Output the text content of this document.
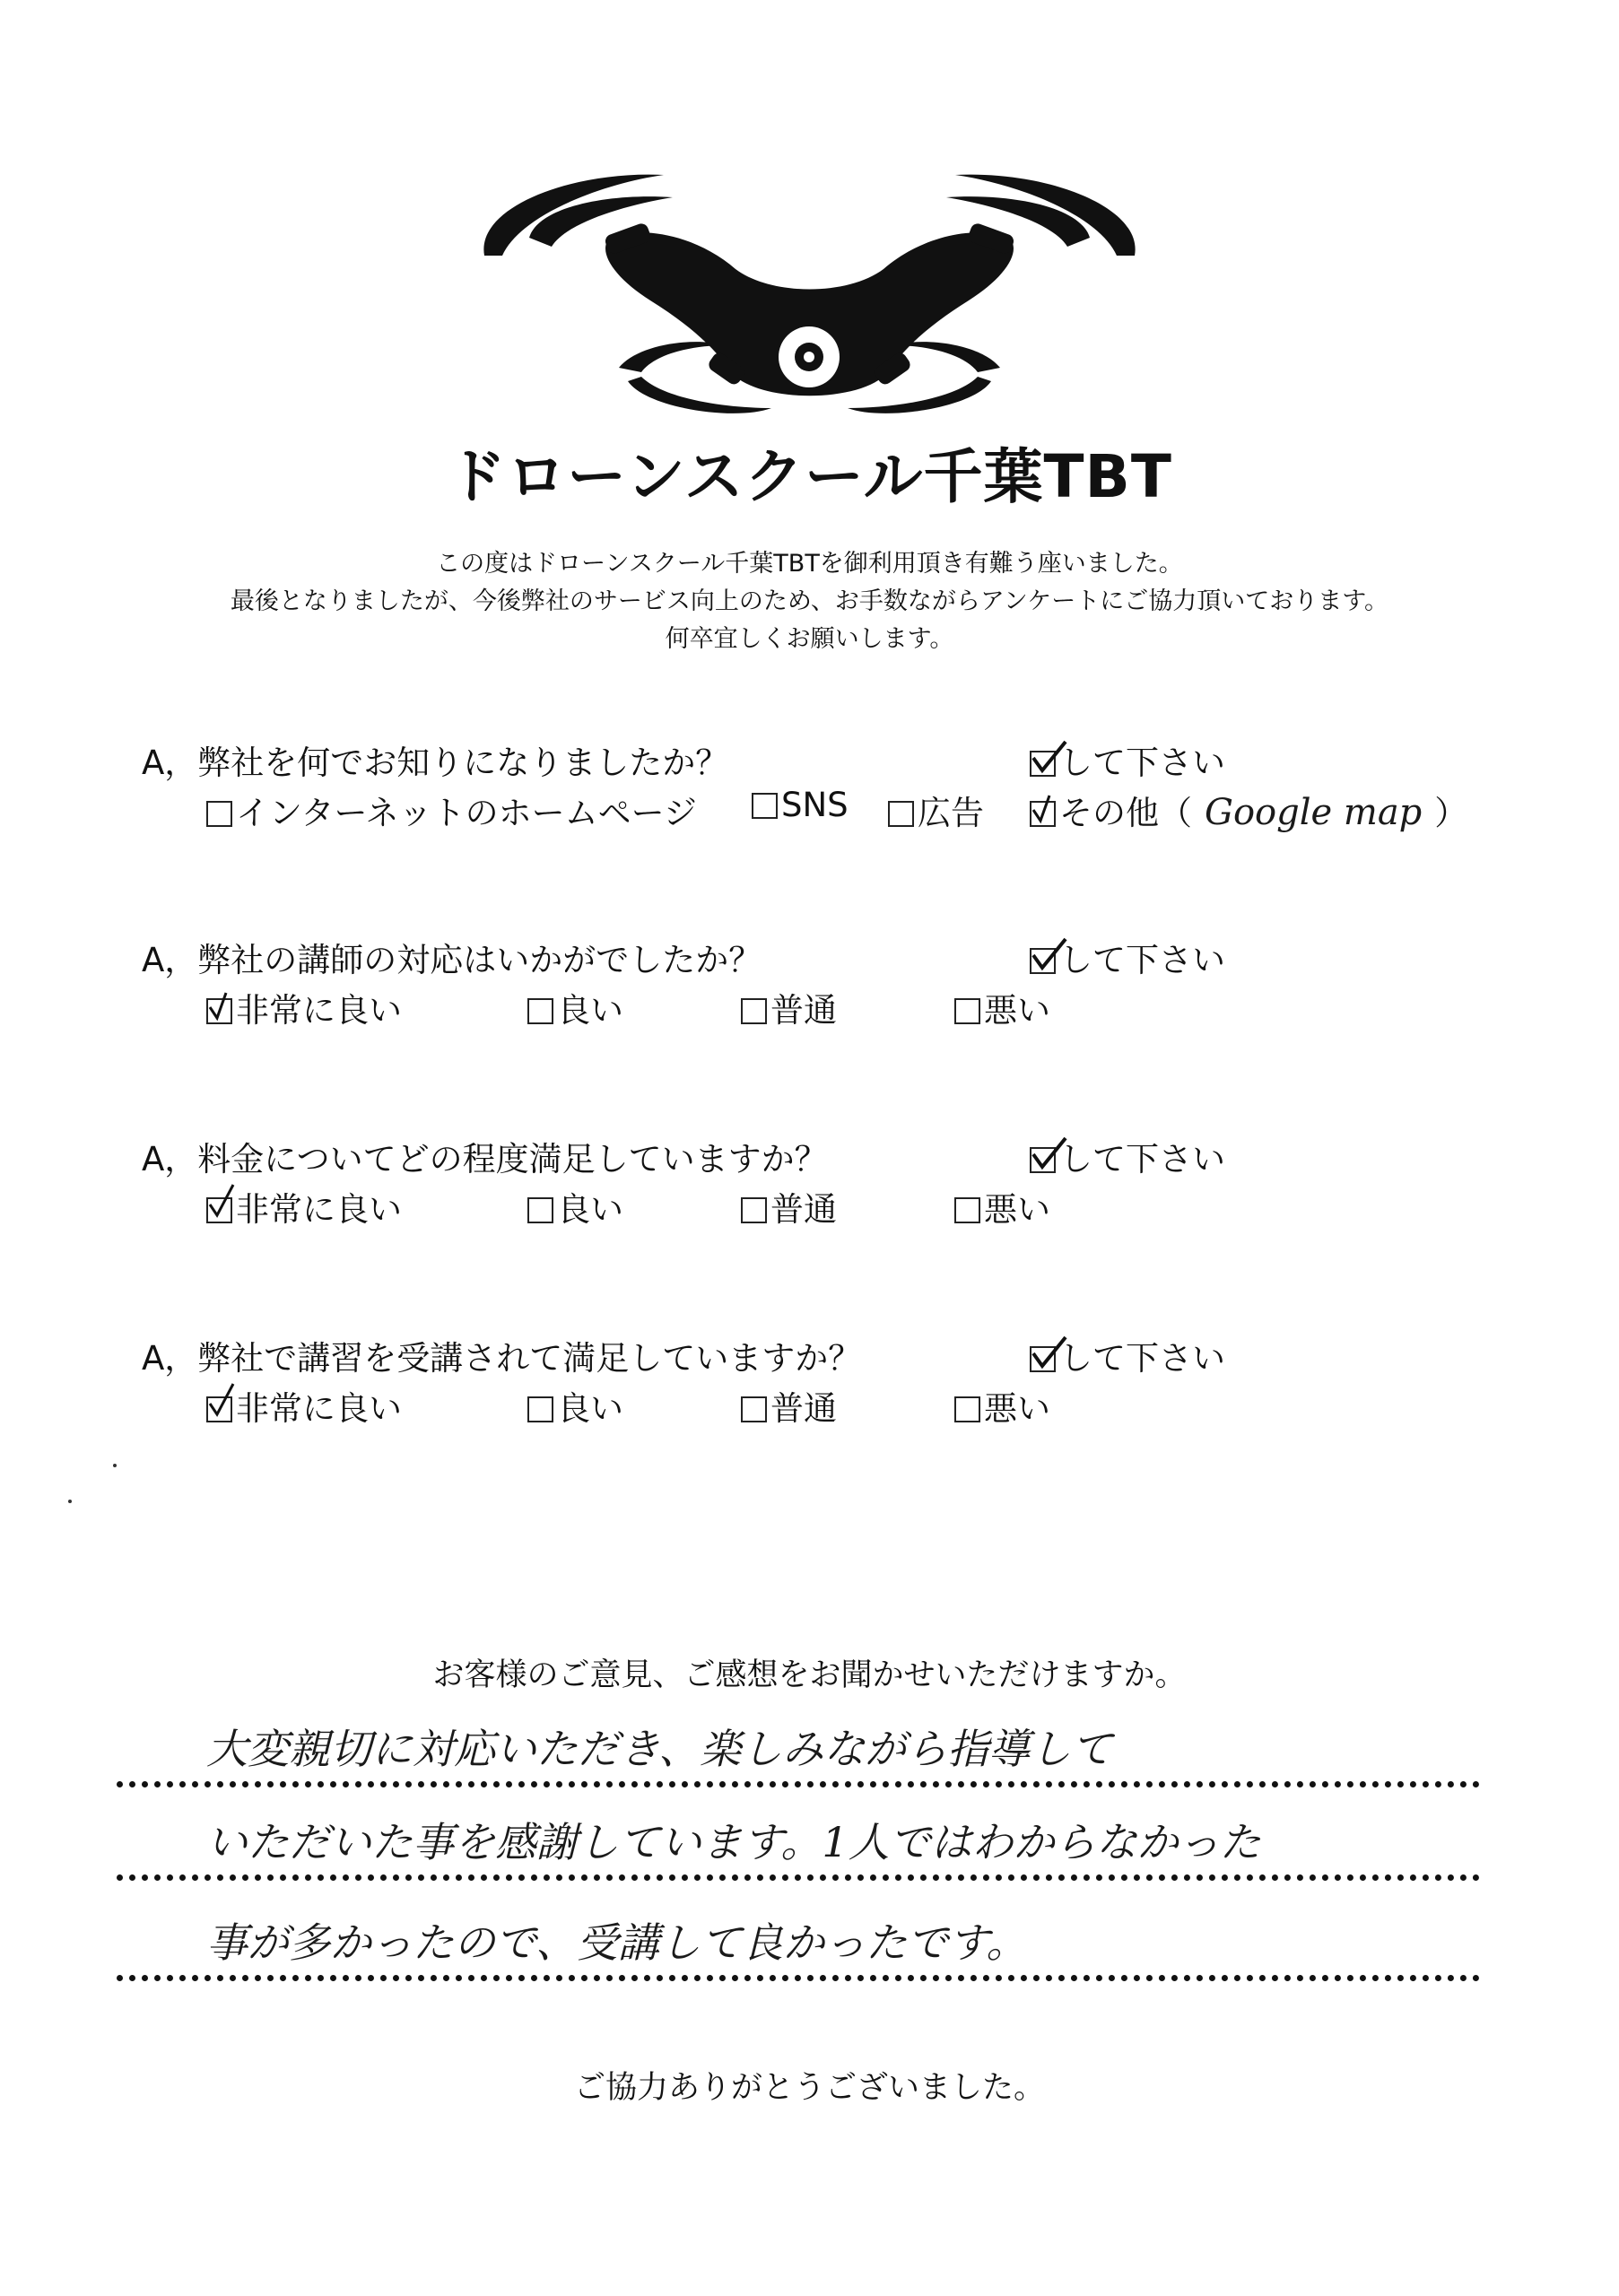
ドローンスクール千葉TBT
この度はドローンスクール千葉TBTを御利用頂き有難う座いました。
最後となりましたが、今後弊社のサービス向上のため、お手数ながらアンケートにご協力頂いております。
何卒宜しくお願いします。
A，弊社を何でお知りになりましたか？	して下さい
インターネットのホームページ	SNS	広告	その他（ Google map ）
A，弊社の講師の対応はいかがでしたか？	して下さい
非常に良い	良い	普通	悪い
A，料金についてどの程度満足していますか？	して下さい
非常に良い	良い	普通	悪い
A，弊社で講習を受講されて満足していますか？	して下さい
非常に良い	良い	普通	悪い
お客様のご意見、ご感想をお聞かせいただけますか。
大変親切に対応いただき、楽しみながら指導して
いただいた事を感謝しています。1人ではわからなかった
事が多かったので、受講して良かったです。
ご協力ありがとうございました。
